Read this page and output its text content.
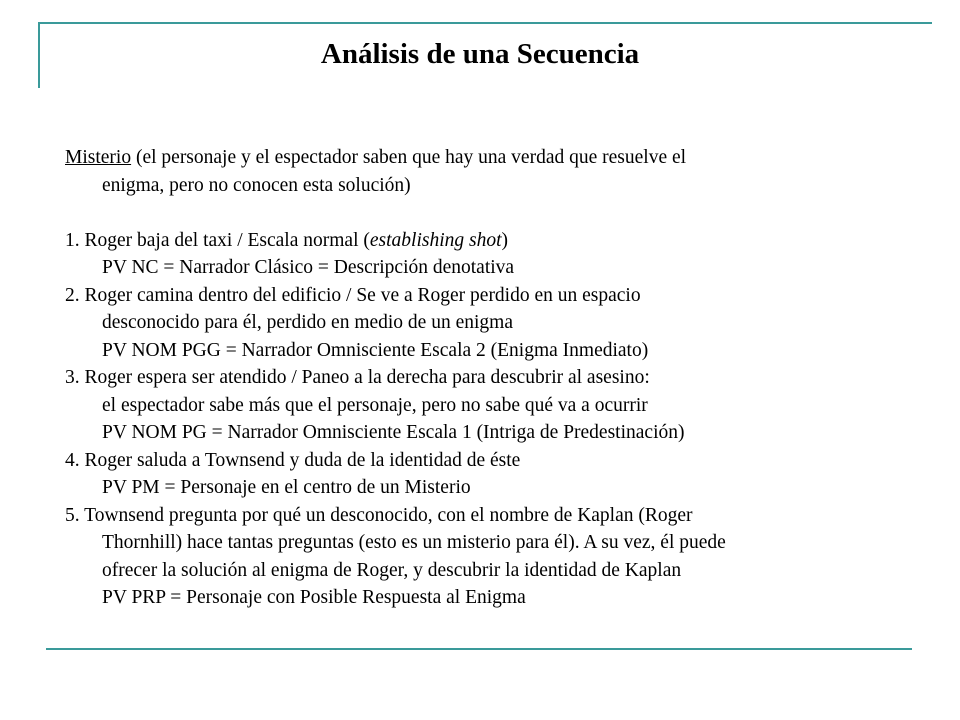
Análisis de una Secuencia
Misterio (el personaje y el espectador saben que hay una verdad que resuelve el
enigma, pero no conocen esta solución)
1. Roger baja del taxi / Escala normal (establishing shot)
PV NC = Narrador Clásico = Descripción denotativa
2. Roger camina dentro del edificio / Se ve a Roger perdido en un espacio
desconocido para él, perdido en medio de un enigma
PV NOM PGG = Narrador Omnisciente Escala 2 (Enigma Inmediato)
3. Roger espera ser atendido / Paneo a la derecha para descubrir al asesino:
el espectador sabe más que el personaje, pero no sabe qué va a ocurrir
PV NOM PG = Narrador Omnisciente Escala 1 (Intriga de Predestinación)
4. Roger saluda a Townsend y duda de la identidad de éste
PV PM = Personaje en el centro de un Misterio
5. Townsend pregunta por qué un desconocido, con el nombre de Kaplan (Roger
Thornhill) hace tantas preguntas (esto es un misterio para él). A su vez, él puede
ofrecer la solución al enigma de Roger, y descubrir la identidad de Kaplan
PV PRP = Personaje con Posible Respuesta al Enigma
